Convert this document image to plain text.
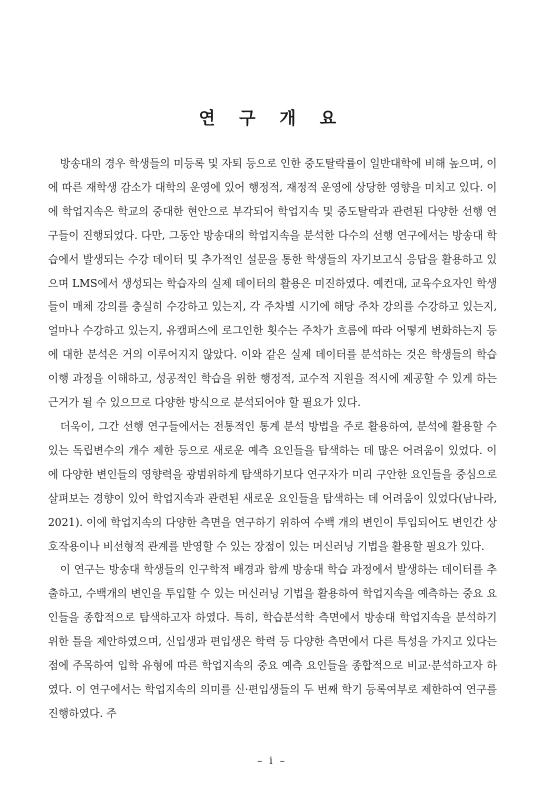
연 구 개 요

방송대의 경우 학생들의 미등록 및 자퇴 등으로 인한 중도탈락률이 일반대학에 비해 높으며, 이에 따른 재학생 감소가 대학의 운영에 있어 행정적, 재정적 운영에 상당한 영향을 미치고 있다. 이에 학업지속은 학교의 중대한 현안으로 부각되어 학업지속 및 중도탈락과 관련된 다양한 선행 연구들이 진행되었다. 다만, 그동안 방송대의 학업지속을 분석한 다수의 선행 연구에서는 방송대 학습에서 발생되는 수강 데이터 및 추가적인 설문을 통한 학생들의 자기보고식 응답을 활용하고 있으며 LMS에서 생성되는 학습자의 실제 데이터의 활용은 미진하였다. 예컨대, 교육수요자인 학생들이 매체 강의를 충실히 수강하고 있는지, 각 주차별 시기에 해당 주차 강의를 수강하고 있는지, 얼마나 수강하고 있는지, 유캠퍼스에 로그인한 횟수는 주차가 흐름에 따라 어떻게 변화하는지 등에 대한 분석은 거의 이루어지지 않았다. 이와 같은 실제 데이터를 분석하는 것은 학생들의 학습 이행 과정을 이해하고, 성공적인 학습을 위한 행정적, 교수적 지원을 적시에 제공할 수 있게 하는 근거가 될 수 있으므로 다양한 방식으로 분석되어야 할 필요가 있다.

더욱이, 그간 선행 연구들에서는 전통적인 통계 분석 방법을 주로 활용하여, 분석에 활용할 수 있는 독립변수의 개수 제한 등으로 새로운 예측 요인들을 탐색하는 데 많은 어려움이 있었다. 이에 다양한 변인들의 영향력을 광범위하게 탐색하기보다 연구자가 미리 구안한 요인들을 중심으로 살펴보는 경향이 있어 학업지속과 관련된 새로운 요인들을 탐색하는 데 어려움이 있었다(남나라, 2021). 이에 학업지속의 다양한 측면을 연구하기 위하여 수백 개의 변인이 투입되어도 변인간 상호작용이나 비선형적 관계를 반영할 수 있는 장점이 있는 머신러닝 기법을 활용할 필요가 있다.

이 연구는 방송대 학생들의 인구학적 배경과 함께 방송대 학습 과정에서 발생하는 데이터를 추출하고, 수백개의 변인을 투입할 수 있는 머신러닝 기법을 활용하여 학업지속을 예측하는 중요 요인들을 종합적으로 탐색하고자 하였다. 특히, 학습분석학 측면에서 방송대 학업지속을 분석하기 위한 틀을 제안하였으며, 신입생과 편입생은 학력 등 다양한 측면에서 다른 특성을 가지고 있다는 점에 주목하여 입학 유형에 따른 학업지속의 중요 예측 요인들을 종합적으로 비교·분석하고자 하였다. 이 연구에서는 학업지속의 의미를 신·편입생들의 두 번째 학기 등록여부로 제한하여 연구를 진행하였다. 주

– i –
